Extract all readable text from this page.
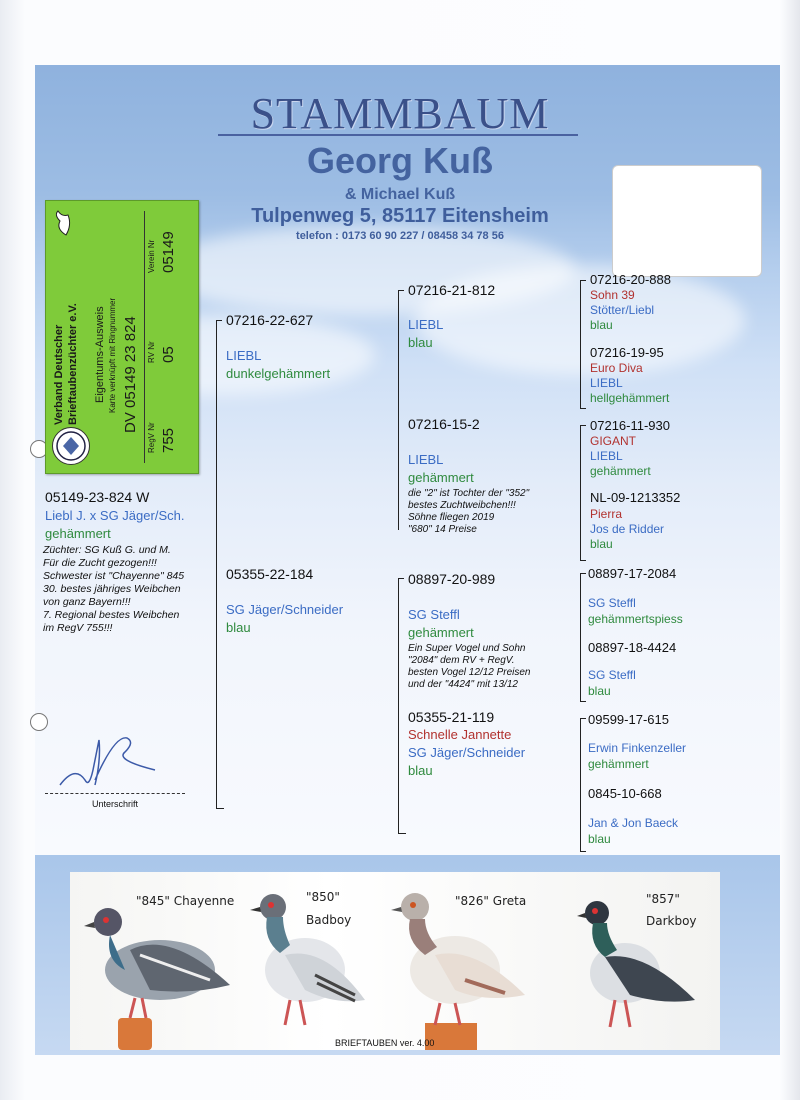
STAMMBAUM
Georg Kuß
& Michael Kuß
Tulpenweg 5, 85117 Eitensheim
telefon : 0173 60 90 227 / 08458 34 78 56
Verband Deutscher Brieftaubenzüchter e.V. Eigentums-Ausweis Karte verknüpft mit Ringnummer DV 05149 23 824
RegV Nr
RV Nr
Verein Nr
755
05
05149
05149-23-824 W
Liebl J. x SG Jäger/Sch.
gehämmert
Züchter: SG Kuß G. und M.
Für die Zucht gezogen!!!
Schwester ist "Chayenne" 845
30. bestes jähriges Weibchen
von ganz Bayern!!!
7. Regional bestes Weibchen
im RegV 755!!!
Unterschrift
07216-22-627
LIEBL
dunkelgehämmert
05355-22-184
SG Jäger/Schneider
blau
07216-21-812
LIEBL
blau
07216-15-2
LIEBL
gehämmert
die "2" ist Tochter der "352"
bestes Zuchtweibchen!!!
Söhne fliegen 2019
"680" 14 Preise
08897-20-989
SG Steffl
gehämmert
Ein Super Vogel und Sohn
"2084" dem RV + RegV.
besten Vogel 12/12 Preisen
und der "4424" mit 13/12
05355-21-119
Schnelle Jannette
SG Jäger/Schneider
blau
07216-20-888
Sohn 39
Stötter/Liebl
blau
07216-19-95
Euro Diva
LIEBL
hellgehämmert
07216-11-930
GIGANT
LIEBL
gehämmert
NL-09-1213352
Pierra
Jos de Ridder
blau
08897-17-2084
SG Steffl
gehämmertspiess
08897-18-4424
SG Steffl
blau
09599-17-615
Erwin Finkenzeller
gehämmert
0845-10-668
Jan & Jon Baeck
blau
"845" Chayenne	"850"
Badboy
"826" Greta	"857"
Darkboy
BRIEFTAUBEN ver. 4.00
